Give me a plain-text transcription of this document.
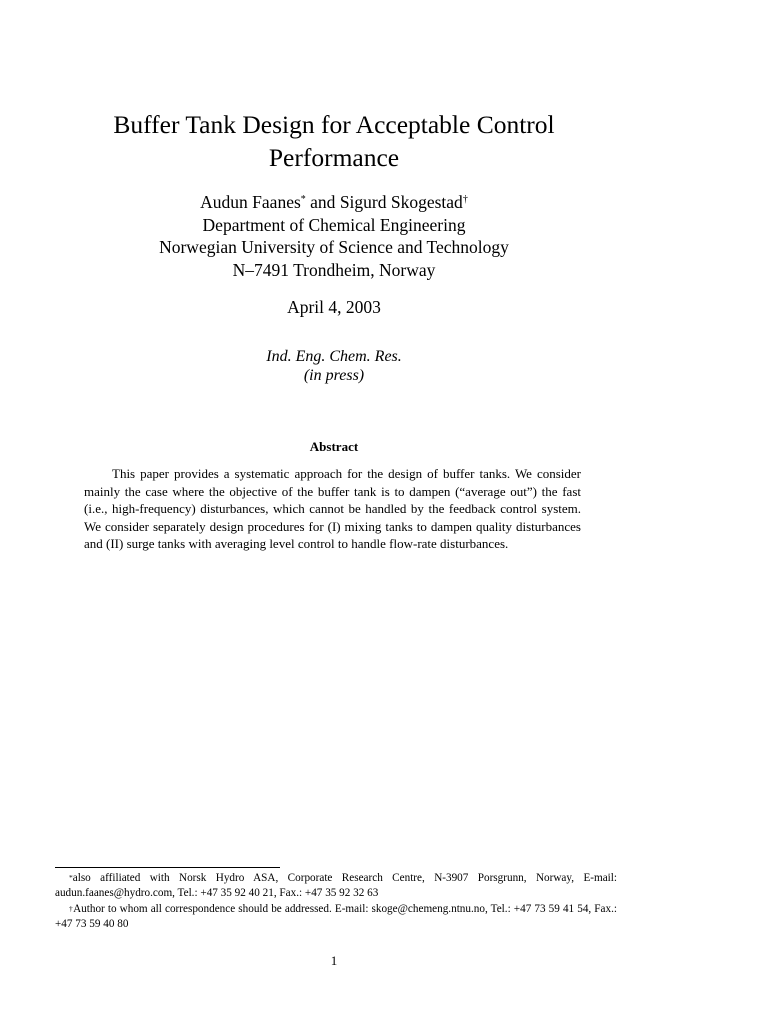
Buffer Tank Design for Acceptable Control
Performance
Audun Faanes* and Sigurd Skogestad†
Department of Chemical Engineering
Norwegian University of Science and Technology
N–7491 Trondheim, Norway
April 4, 2003
Ind. Eng. Chem. Res.
(in press)
Abstract
This paper provides a systematic approach for the design of buffer tanks. We consider mainly the case where the objective of the buffer tank is to dampen (“average out”) the fast (i.e., high-frequency) disturbances, which cannot be handled by the feedback control system. We consider separately design procedures for (I) mixing tanks to dampen quality disturbances and (II) surge tanks with averaging level control to handle flow-rate disturbances.

*also affiliated with Norsk Hydro ASA, Corporate Research Centre, N-3907 Porsgrunn, Norway, E-mail: audun.faanes@hydro.com, Tel.: +47 35 92 40 21, Fax.: +47 35 92 32 63

†Author to whom all correspondence should be addressed. E-mail: skoge@chemeng.ntnu.no, Tel.: +47 73 59 41 54, Fax.: +47 73 59 40 80

1
